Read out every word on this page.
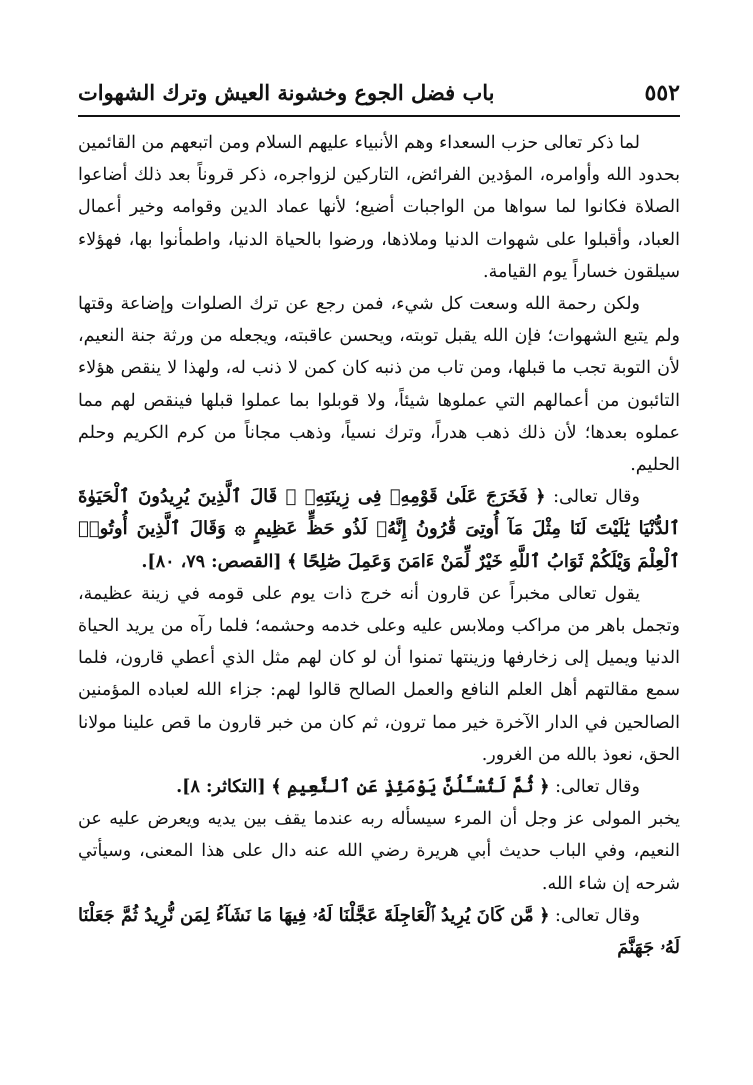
٥٥٢
باب فضل الجوع وخشونة العيش وترك الشهوات

لما ذكر تعالى حزب السعداء وهم الأنبياء عليهم السلام ومن اتبعهم من القائمين بحدود الله وأوامره، المؤدين الفرائض، التاركين لزواجره، ذكر قروناً بعد ذلك أضاعوا الصلاة فكانوا لما سواها من الواجبات أضيع؛ لأنها عماد الدين وقوامه وخير أعمال العباد، وأقبلوا على شهوات الدنيا وملاذها، ورضوا بالحياة الدنيا، واطمأنوا بها، فهؤلاء سيلقون خساراً يوم القيامة.

ولكن رحمة الله وسعت كل شيء، فمن رجع عن ترك الصلوات وإضاعة وقتها ولم يتبع الشهوات؛ فإن الله يقبل توبته، ويحسن عاقبته، ويجعله من ورثة جنة النعيم، لأن التوبة تجب ما قبلها، ومن تاب من ذنبه كان كمن لا ذنب له، ولهذا لا ينقص هؤلاء التائبون من أعمالهم التي عملوها شيئاً، ولا قوبلوا بما عملوا قبلها فينقص لهم مما عملوه بعدها؛ لأن ذلك ذهب هدراً، وترك نسياً، وذهب مجاناً من كرم الكريم وحلم الحليم.

وقال تعالى: ﴿ فَخَرَجَ عَلَىٰ قَوْمِهِۦ فِى زِينَتِهِۦ ۖ قَالَ ٱلَّذِينَ يُرِيدُونَ ٱلْحَيَوٰةَ ٱلدُّنْيَا يَٰلَيْتَ لَنَا مِثْلَ مَآ أُوتِىَ قَٰرُونُ إِنَّهُۥ لَذُو حَظٍّ عَظِيمٍ ۞ وَقَالَ ٱلَّذِينَ أُوتُوا۟ ٱلْعِلْمَ وَيْلَكُمْ ثَوَابُ ٱللَّهِ خَيْرٌ لِّمَنْ ءَامَنَ وَعَمِلَ صَٰلِحًا ﴾ [القصص: ٧٩، ٨٠].

يقول تعالى مخبراً عن قارون أنه خرج ذات يوم على قومه في زينة عظيمة، وتجمل باهر من مراكب وملابس عليه وعلى خدمه وحشمه؛ فلما رآه من يريد الحياة الدنيا ويميل إلى زخارفها وزينتها تمنوا أن لو كان لهم مثل الذي أعطي قارون، فلما سمع مقالتهم أهل العلم النافع والعمل الصالح قالوا لهم: جزاء الله لعباده المؤمنين الصالحين في الدار الآخرة خير مما ترون، ثم كان من خبر قارون ما قص علينا مولانا الحق، نعوذ بالله من الغرور.

وقال تعالى: ﴿ ثُمَّ لَتُسْـَٔلُنَّ يَوْمَئِذٍ عَنِ ٱلنَّعِيمِ ﴾ [التكاثر: ٨].

يخبر المولى عز وجل أن المرء سيسأله ربه عندما يقف بين يديه ويعرض عليه عن النعيم، وفي الباب حديث أبي هريرة رضي الله عنه دال على هذا المعنى، وسيأتي شرحه إن شاء الله.

وقال تعالى: ﴿ مَّن كَانَ يُرِيدُ ٱلْعَاجِلَةَ عَجَّلْنَا لَهُۥ فِيهَا مَا نَشَآءُ لِمَن نُّرِيدُ ثُمَّ جَعَلْنَا لَهُۥ جَهَنَّمَ
